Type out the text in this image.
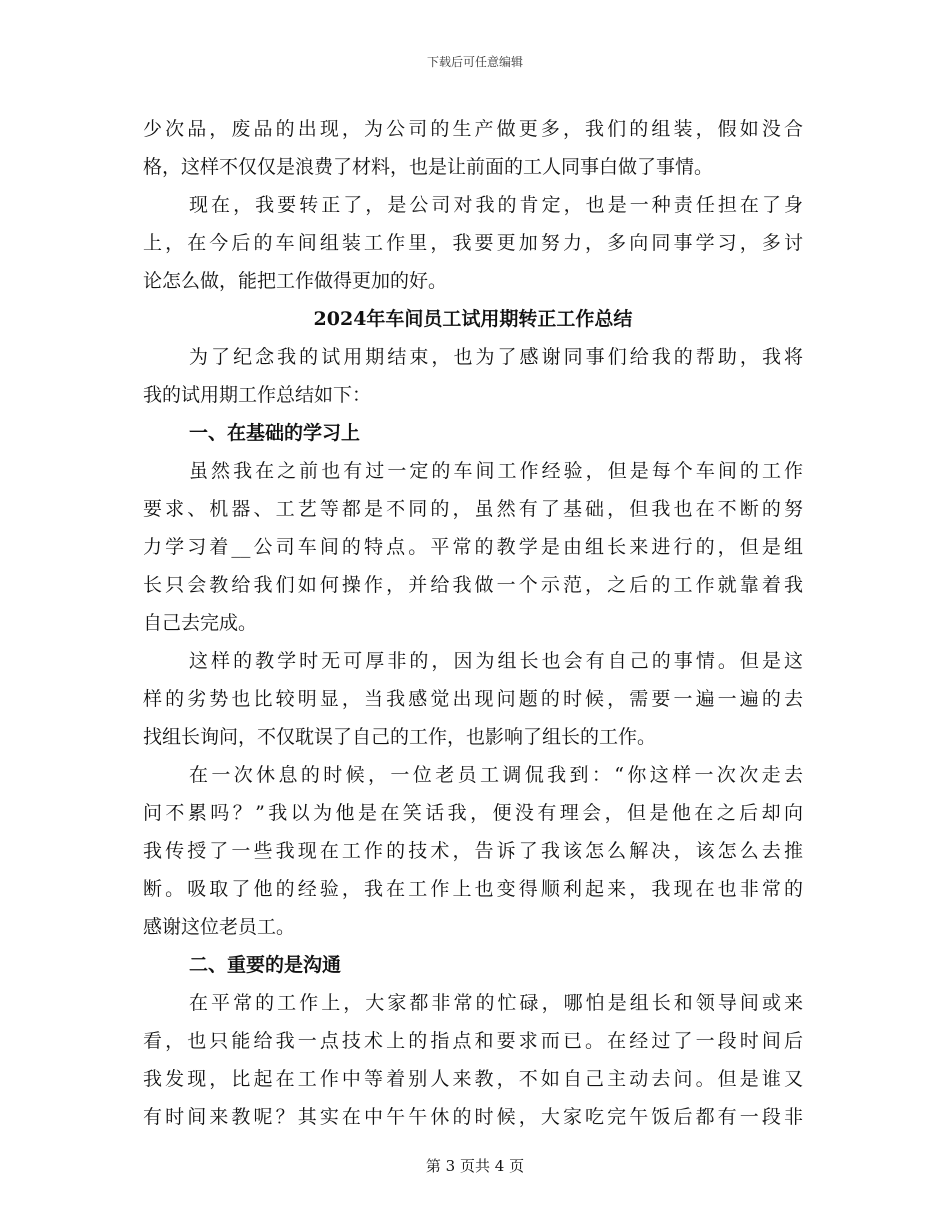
下载后可任意编辑
少次品，废品的出现，为公司的生产做更多，我们的组装，假如没合
格，这样不仅仅是浪费了材料，也是让前面的工人同事白做了事情。
现在，我要转正了，是公司对我的肯定，也是一种责任担在了身
上，在今后的车间组装工作里，我要更加努力，多向同事学习，多讨
论怎么做，能把工作做得更加的好。
2024年车间员工试用期转正工作总结
为了纪念我的试用期结束，也为了感谢同事们给我的帮助，我将
我的试用期工作总结如下：
一、在基础的学习上
虽然我在之前也有过一定的车间工作经验，但是每个车间的工作
要求、机器、工艺等都是不同的，虽然有了基础，但我也在不断的努
力学习着__公司车间的特点。平常的教学是由组长来进行的，但是组
长只会教给我们如何操作，并给我做一个示范，之后的工作就靠着我
自己去完成。
这样的教学时无可厚非的，因为组长也会有自己的事情。但是这
样的劣势也比较明显，当我感觉出现问题的时候，需要一遍一遍的去
找组长询问，不仅耽误了自己的工作，也影响了组长的工作。
在一次休息的时候，一位老员工调侃我到：“你这样一次次走去
问不累吗？”我以为他是在笑话我，便没有理会，但是他在之后却向
我传授了一些我现在工作的技术，告诉了我该怎么解决，该怎么去推
断。吸取了他的经验，我在工作上也变得顺利起来，我现在也非常的
感谢这位老员工。
二、重要的是沟通
在平常的工作上，大家都非常的忙碌，哪怕是组长和领导间或来
看，也只能给我一点技术上的指点和要求而已。在经过了一段时间后
我发现，比起在工作中等着别人来教，不如自己主动去问。但是谁又
有时间来教呢？其实在中午午休的时候，大家吃完午饭后都有一段非
第 3 页共 4 页
